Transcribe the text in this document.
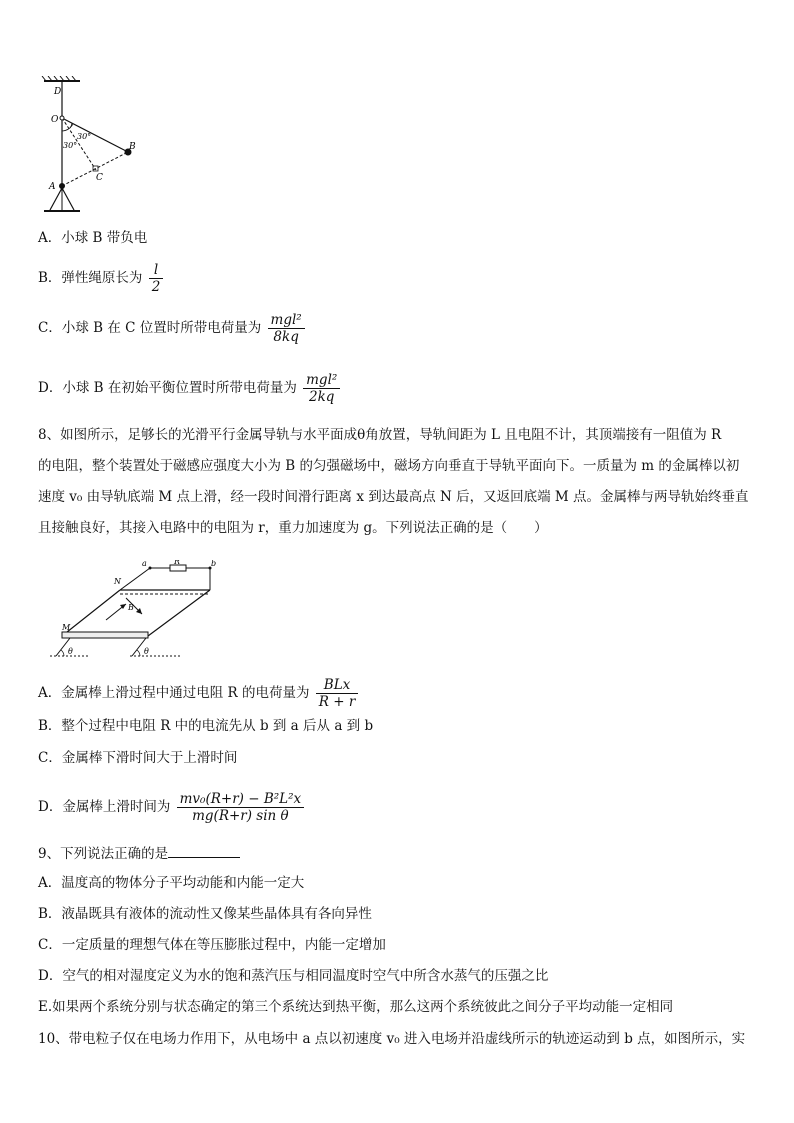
D
O
30°
30°	B
C
A
A．小球 B 带负电
B．弹性绳原长为 $\frac{l}{2}$
C．小球 B 在 C 位置时所带电荷量为 $\frac{\text{mgl²}}{8kq}$
D．小球 B 在初始平衡位置时所带电荷量为 $\frac{\text{mgl²}}{2kq}$
8、如图所示，足够长的光滑平行金属导轨与水平面成θ角放置，导轨间距为 L 且电阻不计，其顶端接有一阻值为 R
的电阻，整个装置处于磁感应强度大小为 B 的匀强磁场中，磁场方向垂直于导轨平面向下。一质量为 m 的金属棒以初
速度 v₀ 由导轨底端 M 点上滑，经一段时间滑行距离 x 到达最高点 N 后，又返回底端 M 点。金属棒与两导轨始终垂直
且接触良好，其接入电路中的电阻为 r，重力加速度为 g。下列说法正确的是（　　）
a	R	b
N
B
M
θ	θ
A．金属棒上滑过程中通过电阻 R 的电荷量为 $\frac{\text{BLx}}{R + r}$
B．整个过程中电阻 R 中的电流先从 b 到 a 后从 a 到 b
C．金属棒下滑时间大于上滑时间
D．金属棒上滑时间为 $\frac{\text{mv₀(R+r) − B²L²x}}{\text{mg(R+r) sin θ}}$
9、下列说法正确的是
A．温度高的物体分子平均动能和内能一定大
B．液晶既具有液体的流动性又像某些晶体具有各向异性
C．一定质量的理想气体在等压膨胀过程中，内能一定增加
D．空气的相对湿度定义为水的饱和蒸汽压与相同温度时空气中所含水蒸气的压强之比
E.如果两个系统分别与状态确定的第三个系统达到热平衡，那么这两个系统彼此之间分子平均动能一定相同
10、带电粒子仅在电场力作用下，从电场中 a 点以初速度 v₀ 进入电场并沿虚线所示的轨迹运动到 b 点，如图所示，实
